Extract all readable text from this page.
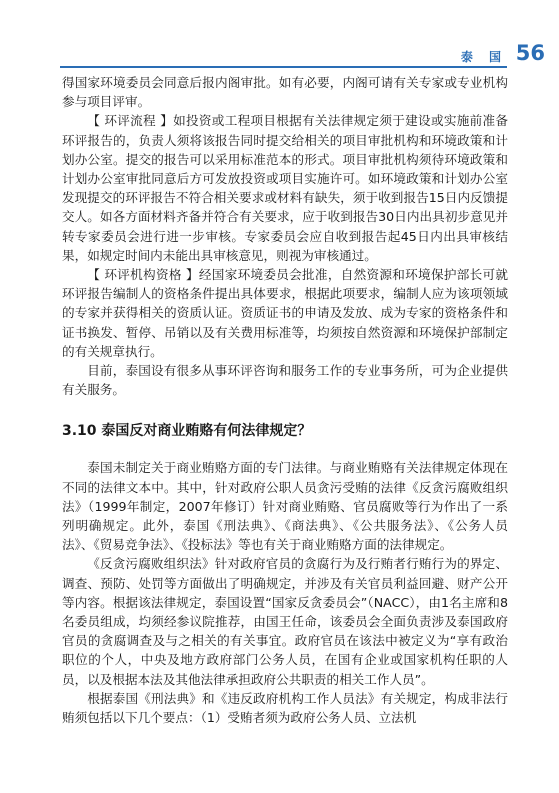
泰 国 56

得国家环境委员会同意后报内阁审批。如有必要，内阁可请有关专家或专业机构参与项目评审。

【 环评流程 】如投资或工程项目根据有关法律规定须于建设或实施前准备环评报告的，负责人须将该报告同时提交给相关的项目审批机构和环境政策和计划办公室。提交的报告可以采用标准范本的形式。项目审批机构须待环境政策和计划办公室审批同意后方可发放投资或项目实施许可。如环境政策和计划办公室发现提交的环评报告不符合相关要求或材料有缺失，须于收到报告15日内反馈提交人。如各方面材料齐备并符合有关要求，应于收到报告30日内出具初步意见并转专家委员会进行进一步审核。专家委员会应自收到报告起45日内出具审核结果，如规定时间内未能出具审核意见，则视为审核通过。

【 环评机构资格 】经国家环境委员会批准，自然资源和环境保护部长可就环评报告编制人的资格条件提出具体要求，根据此项要求，编制人应为该项领域的专家并获得相关的资质认证。资质证书的申请及发放、成为专家的资格条件和证书换发、暂停、吊销以及有关费用标准等，均须按自然资源和环境保护部制定的有关规章执行。

目前，泰国设有很多从事环评咨询和服务工作的专业事务所，可为企业提供有关服务。

3.10 泰国反对商业贿赂有何法律规定？

泰国未制定关于商业贿赂方面的专门法律。与商业贿赂有关法律规定体现在不同的法律文本中。其中，针对政府公职人员贪污受贿的法律《反贪污腐败组织法》（1999年制定，2007年修订）针对商业贿赂、官员腐败等行为作出了一系列明确规定。此外，泰国《刑法典》、《商法典》、《公共服务法》、《公务人员法》、《贸易竞争法》、《投标法》等也有关于商业贿赂方面的法律规定。

《反贪污腐败组织法》针对政府官员的贪腐行为及行贿者行贿行为的界定、调查、预防、处罚等方面做出了明确规定，并涉及有关官员利益回避、财产公开等内容。根据该法律规定，泰国设置“国家反贪委员会”（NACC），由1名主席和8名委员组成，均须经参议院推荐，由国王任命，该委员会全面负责涉及泰国政府官员的贪腐调查及与之相关的有关事宜。政府官员在该法中被定义为“享有政治职位的个人，中央及地方政府部门公务人员，在国有企业或国家机构任职的人员，以及根据本法及其他法律承担政府公共职责的相关工作人员”。

根据泰国《刑法典》和《违反政府机构工作人员法》有关规定，构成非法行贿须包括以下几个要点：（1）受贿者须为政府公务人员、立法机
